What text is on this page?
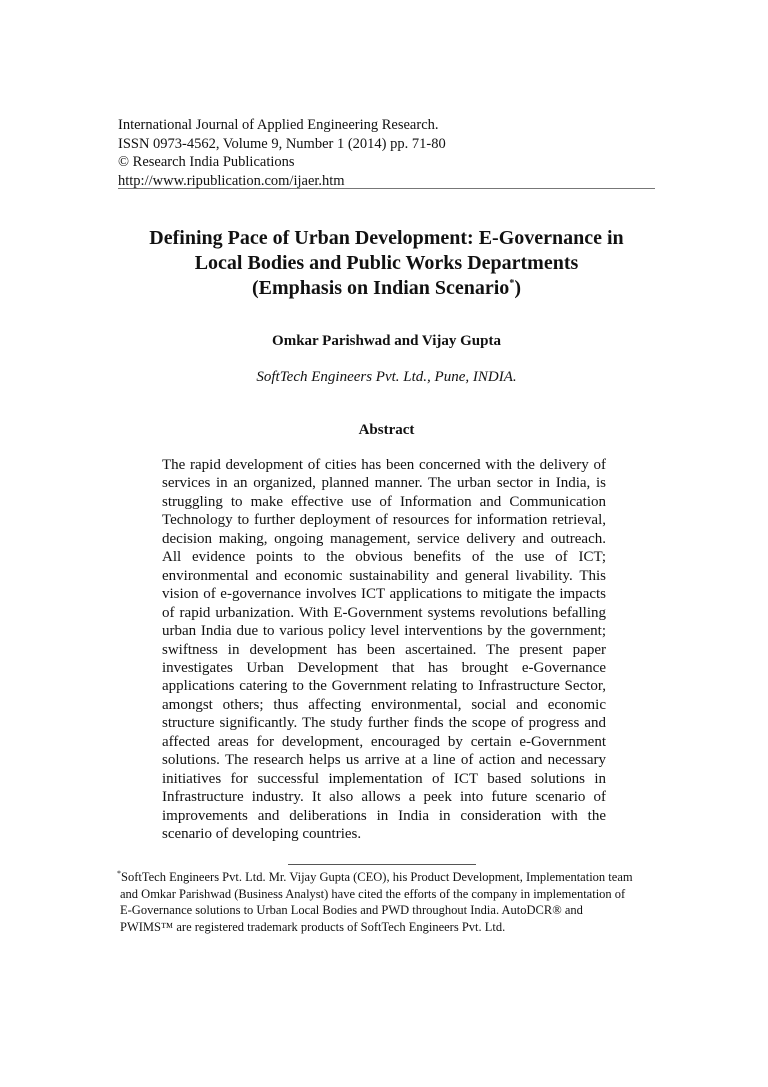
International Journal of Applied Engineering Research.
ISSN 0973-4562, Volume 9, Number 1 (2014) pp. 71-80
© Research India Publications
http://www.ripublication.com/ijaer.htm
Defining Pace of Urban Development: E-Governance in
Local Bodies and Public Works Departments
(Emphasis on Indian Scenario*)
Omkar Parishwad and Vijay Gupta
SoftTech Engineers Pvt. Ltd., Pune, INDIA.
Abstract

The rapid development of cities has been concerned with the delivery of services in an organized, planned manner. The urban sector in India, is struggling to make effective use of Information and Communication Technology to further deployment of resources for information retrieval, decision making, ongoing management, service delivery and outreach. All evidence points to the obvious benefits of the use of ICT; environmental and economic sustainability and general livability. This vision of e-governance involves ICT applications to mitigate the impacts of rapid urbanization. With E-Government systems revolutions befalling urban India due to various policy level interventions by the government; swiftness in development has been ascertained. The present paper investigates Urban Development that has brought e-Governance applications catering to the Government relating to Infrastructure Sector, amongst others; thus affecting environmental, social and economic structure significantly. The study further finds the scope of progress and affected areas for development, encouraged by certain e-Government solutions. The research helps us arrive at a line of action and necessary initiatives for successful implementation of ICT based solutions in Infrastructure industry. It also allows a peek into future scenario of improvements and deliberations in India in consideration with the scenario of developing countries.

*SoftTech Engineers Pvt. Ltd. Mr. Vijay Gupta (CEO), his Product Development, Implementation team
and Omkar Parishwad (Business Analyst) have cited the efforts of the company in implementation of
E-Governance solutions to Urban Local Bodies and PWD throughout India. AutoDCR® and
PWIMS™ are registered trademark products of SoftTech Engineers Pvt. Ltd.
